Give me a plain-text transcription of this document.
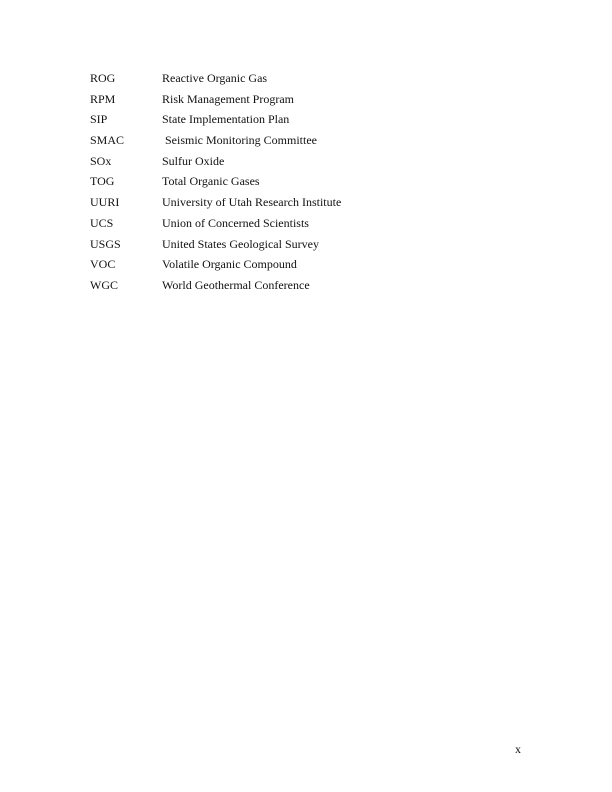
ROG	Reactive Organic Gas
RPM	Risk Management Program
SIP	State Implementation Plan
SMAC	Seismic Monitoring Committee
SOx	Sulfur Oxide
TOG	Total Organic Gases
UURI	University of Utah Research Institute
UCS	Union of Concerned Scientists
USGS	United States Geological Survey
VOC	Volatile Organic Compound
WGC	World Geothermal Conference
x
